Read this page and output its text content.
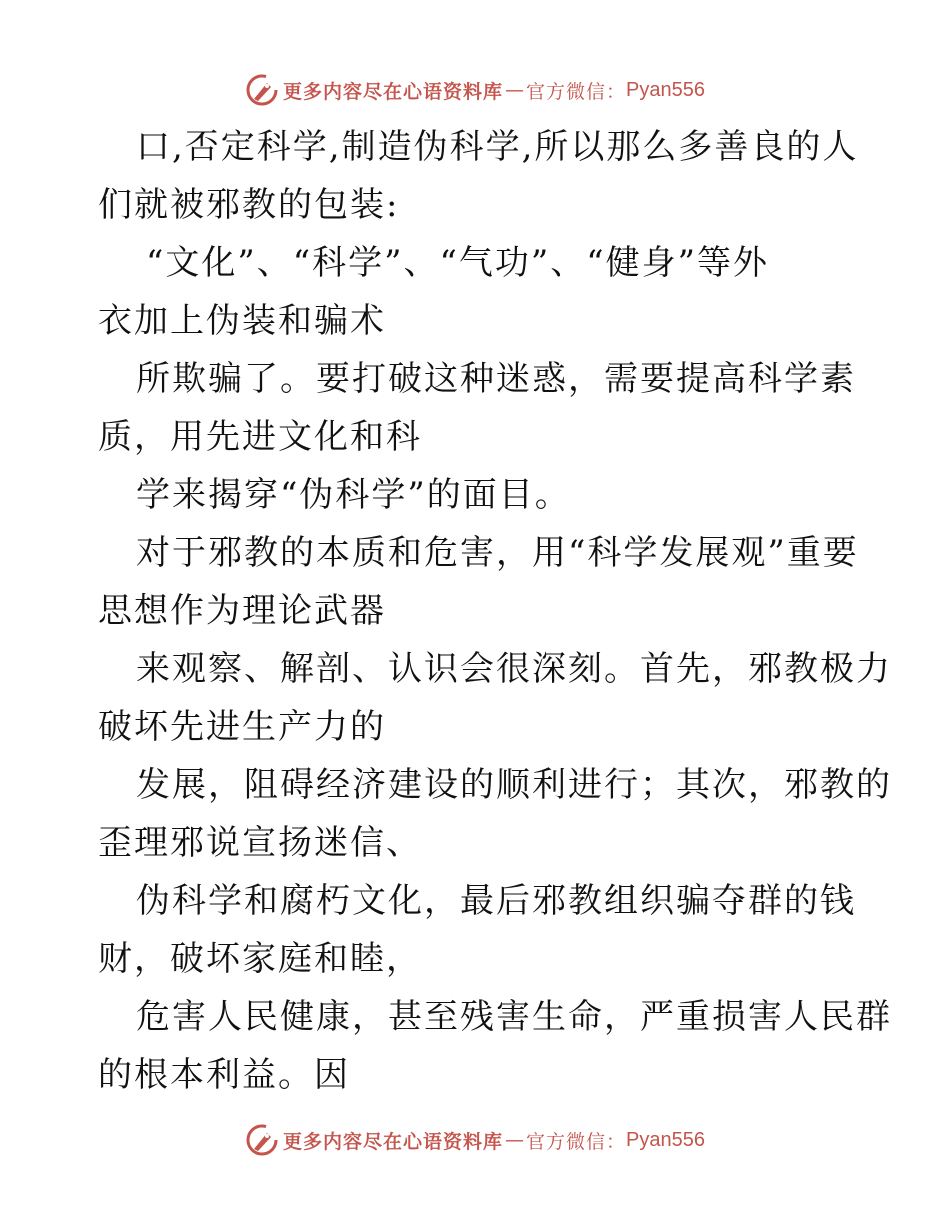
更多内容尽在心语资料库 — 官方微信： Pyan556
口,否定科学,制造伪科学,所以那么多善良的人
们就被邪教的包装:
“文化”、“科学”、“气功”、“健身”等外
衣加上伪装和骗术
所欺骗了。要打破这种迷惑，需要提高科学素
质，用先进文化和科
学来揭穿“伪科学”的面目。
对于邪教的本质和危害，用“科学发展观”重要
思想作为理论武器
来观察、解剖、认识会很深刻。首先，邪教极力
破坏先进生产力的
发展，阻碍经济建设的顺利进行；其次，邪教的
歪理邪说宣扬迷信、
伪科学和腐朽文化，最后邪教组织骗夺群的钱
财，破坏家庭和睦，
危害人民健康，甚至残害生命，严重损害人民群
的根本利益。因
更多内容尽在心语资料库 — 官方微信： Pyan556
